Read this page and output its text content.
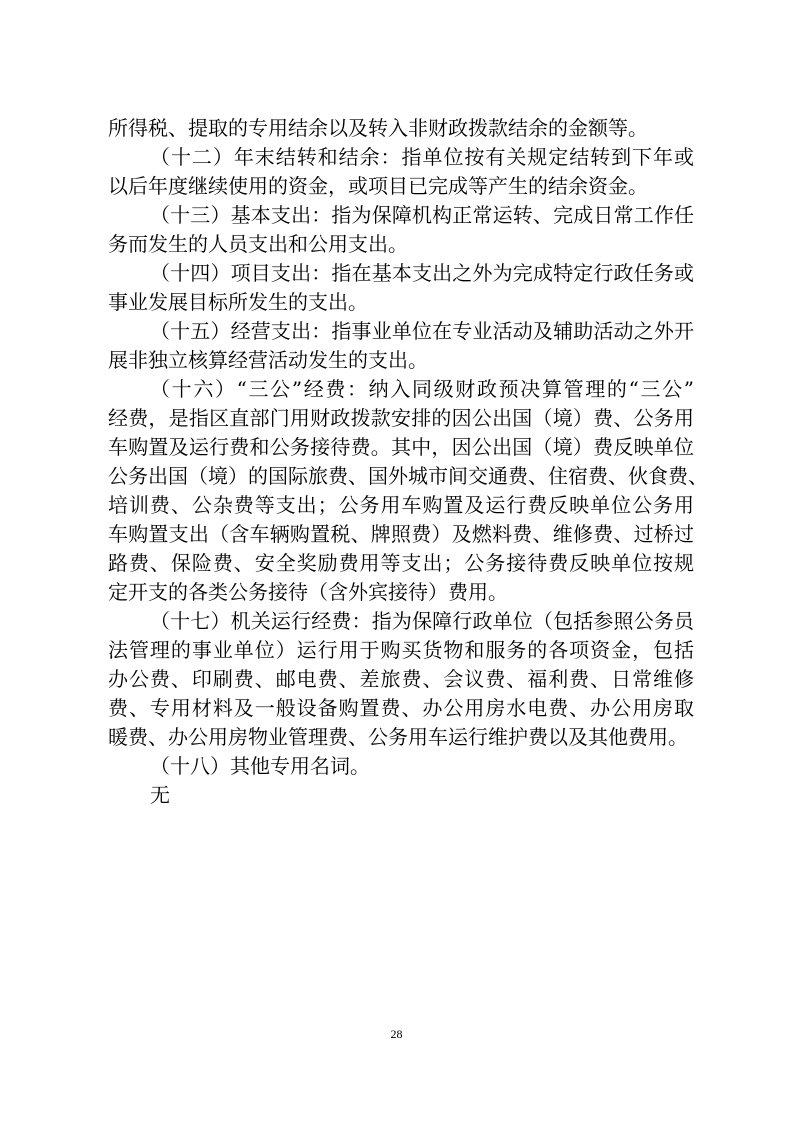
所得税、提取的专用结余以及转入非财政拨款结余的金额等。
（十二）年末结转和结余：指单位按有关规定结转到下年或
以后年度继续使用的资金，或项目已完成等产生的结余资金。
（十三）基本支出：指为保障机构正常运转、完成日常工作任
务而发生的人员支出和公用支出。
（十四）项目支出：指在基本支出之外为完成特定行政任务或
事业发展目标所发生的支出。
（十五）经营支出：指事业单位在专业活动及辅助活动之外开
展非独立核算经营活动发生的支出。
（十六）“三公”经费：纳入同级财政预决算管理的“三公”
经费，是指区直部门用财政拨款安排的因公出国（境）费、公务用
车购置及运行费和公务接待费。其中，因公出国（境）费反映单位
公务出国（境）的国际旅费、国外城市间交通费、住宿费、伙食费、
培训费、公杂费等支出；公务用车购置及运行费反映单位公务用
车购置支出（含车辆购置税、牌照费）及燃料费、维修费、过桥过
路费、保险费、安全奖励费用等支出；公务接待费反映单位按规
定开支的各类公务接待（含外宾接待）费用。
（十七）机关运行经费：指为保障行政单位（包括参照公务员
法管理的事业单位）运行用于购买货物和服务的各项资金，包括
办公费、印刷费、邮电费、差旅费、会议费、福利费、日常维修
费、专用材料及一般设备购置费、办公用房水电费、办公用房取
暖费、办公用房物业管理费、公务用车运行维护费以及其他费用。
（十八）其他专用名词。
无
28
